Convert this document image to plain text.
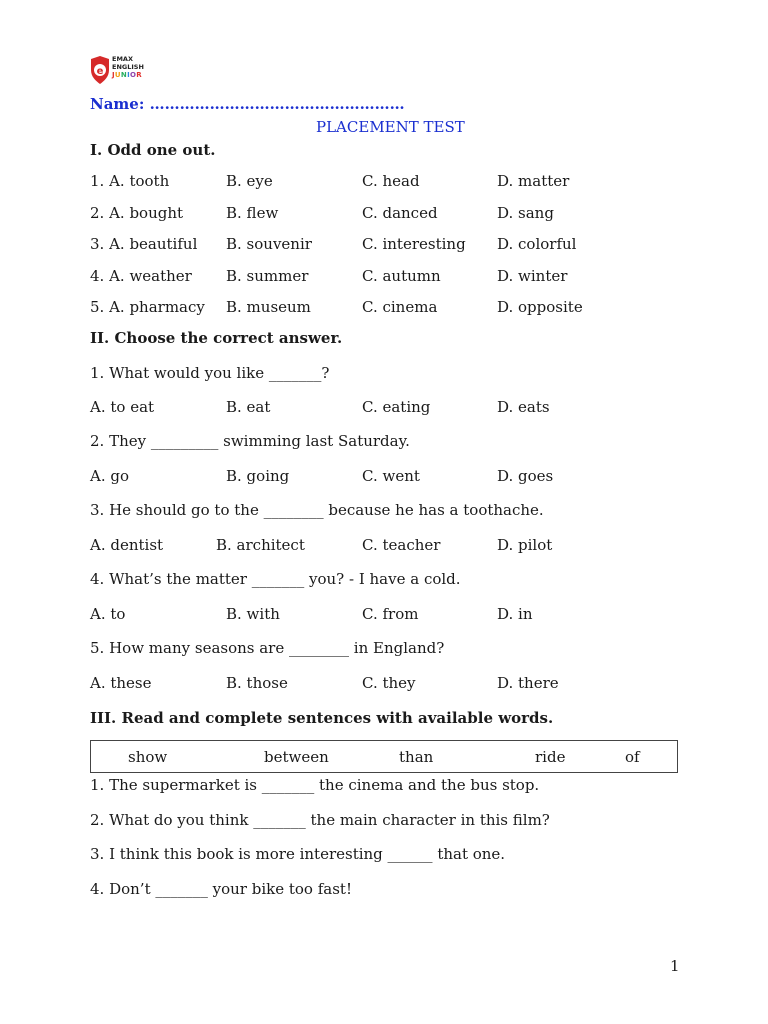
e
EMAX
ENGLISH
JUNIOR
Name: ……………………………………………
PLACEMENT TEST
I. Odd one out.
1. A. tooth	B. eye	C. head	D. matter
2. A. bought	B. flew	C. danced	D. sang
3. A. beautiful B. souvenir	C. interesting D. colorful
4. A. weather B. summer	C. autumn	D. winter
5. A. pharmacy B. museum	C. cinema	D. opposite
II. Choose the correct answer.
1. What would you like _______?
A. to eat	B. eat	C. eating	D. eats
2. They _________ swimming last Saturday.
A. go	B. going	C. went	D. goes
3. He should go to the ________ because he has a toothache.
A. dentist	B. architect	C. teacher	D. pilot
4. What’s the matter _______ you? - I have a cold.
A. to	B. with	C. from	D. in
5. How many seasons are ________ in England?
A. these	B. those	C. they	D. there
III. Read and complete sentences with available words.
show	between	than	ride	of
1. The supermarket is _______ the cinema and the bus stop.
2. What do you think _______ the main character in this film?
3. I think this book is more interesting ______ that one.
4. Don’t _______ your bike too fast!
1
